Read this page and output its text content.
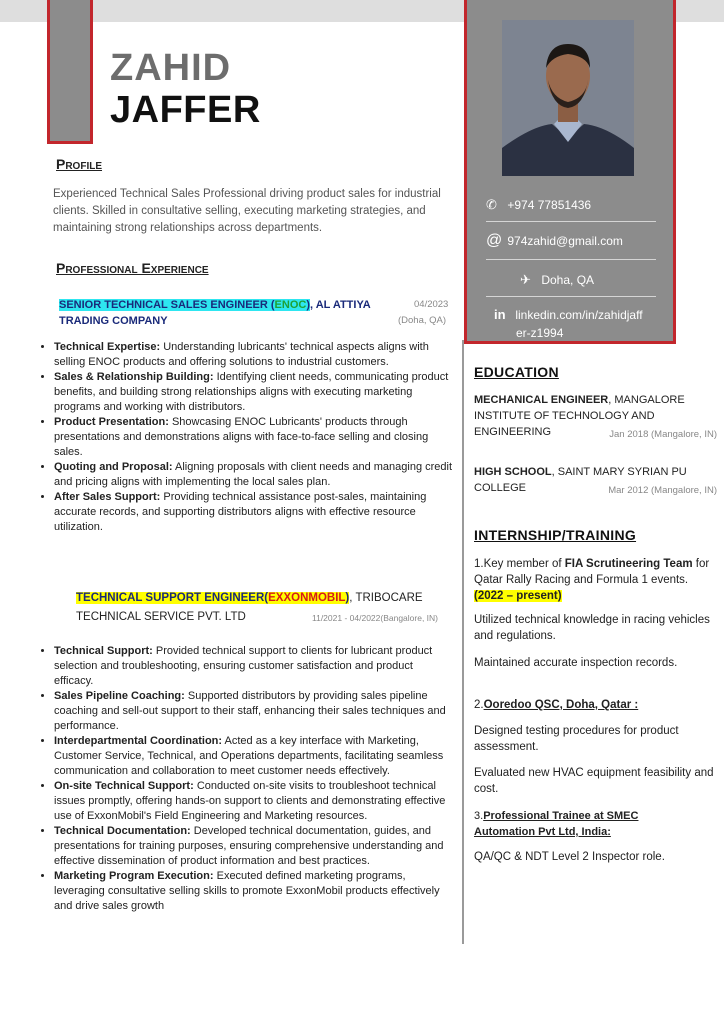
ZAHID
JAFFER
Profile
Experienced Technical Sales Professional driving product sales for industrial clients. Skilled in consultative selling, executing marketing strategies, and maintaining strong relationships across departments.
Professional Experience
SENIOR TECHNICAL SALES ENGINEER (ENOC), AL ATTIYA
TRADING COMPANY
04/2023
(Doha, QA)
• Technical Expertise: Understanding lubricants' technical aspects aligns with selling ENOC products and offering solutions to industrial customers.
• Sales & Relationship Building: Identifying client needs, communicating product benefits, and building strong relationships aligns with executing marketing programs and working with distributors.
• Product Presentation: Showcasing ENOC Lubricants' products through presentations and demonstrations aligns with face-to-face selling and closing sales.
• Quoting and Proposal: Aligning proposals with client needs and managing credit and pricing aligns with implementing the local sales plan.
• After Sales Support: Providing technical assistance post-sales, maintaining accurate records, and supporting distributors aligns with effective resource utilization.
TECHNICAL SUPPORT ENGINEER(EXXONMOBIL), TRIBOCARE
TECHNICAL SERVICE PVT. LTD	11/2021 - 04/2022(Bangalore, IN)
• Technical Support: Provided technical support to clients for lubricant product selection and troubleshooting, ensuring customer satisfaction and product efficacy.
• Sales Pipeline Coaching: Supported distributors by providing sales pipeline coaching and sell-out support to their staff, enhancing their sales techniques and performance.
• Interdepartmental Coordination: Acted as a key interface with Marketing, Customer Service, Technical, and Operations departments, facilitating seamless communication and collaboration to meet customer needs effectively.
• On-site Technical Support: Conducted on-site visits to troubleshoot technical issues promptly, offering hands-on support to clients and demonstrating effective use of ExxonMobil's Field Engineering and Marketing resources.
• Technical Documentation: Developed technical documentation, guides, and presentations for training purposes, ensuring comprehensive understanding and effective dissemination of product information and best practices.
• Marketing Program Execution: Executed defined marketing programs, leveraging consultative selling skills to promote ExxonMobil products effectively and drive sales growth
✆ +974 77851436
@ 974zahid@gmail.com
✈ Doha, QA
in linkedin.com/in/zahidjaff
er-z1994
EDUCATION
MECHANICAL ENGINEER, MANGALORE
INSTITUTE OF TECHNOLOGY AND
ENGINEERING	Jan 2018 (Mangalore, IN)
HIGH SCHOOL, SAINT MARY SYRIAN PU
COLLEGE	Mar 2012 (Mangalore, IN)
INTERNSHIP/TRAINING
1.Key member of FIA Scrutineering Team for Qatar Rally Racing and Formula 1 events. (2022 – present)
Utilized technical knowledge in racing vehicles and regulations.
Maintained accurate inspection records.
2.Ooredoo QSC, Doha, Qatar :
Designed testing procedures for product assessment.
Evaluated new HVAC equipment feasibility and cost.
3.Professional Trainee at SMEC
Automation Pvt Ltd, India:
QA/QC & NDT Level 2 Inspector role.
